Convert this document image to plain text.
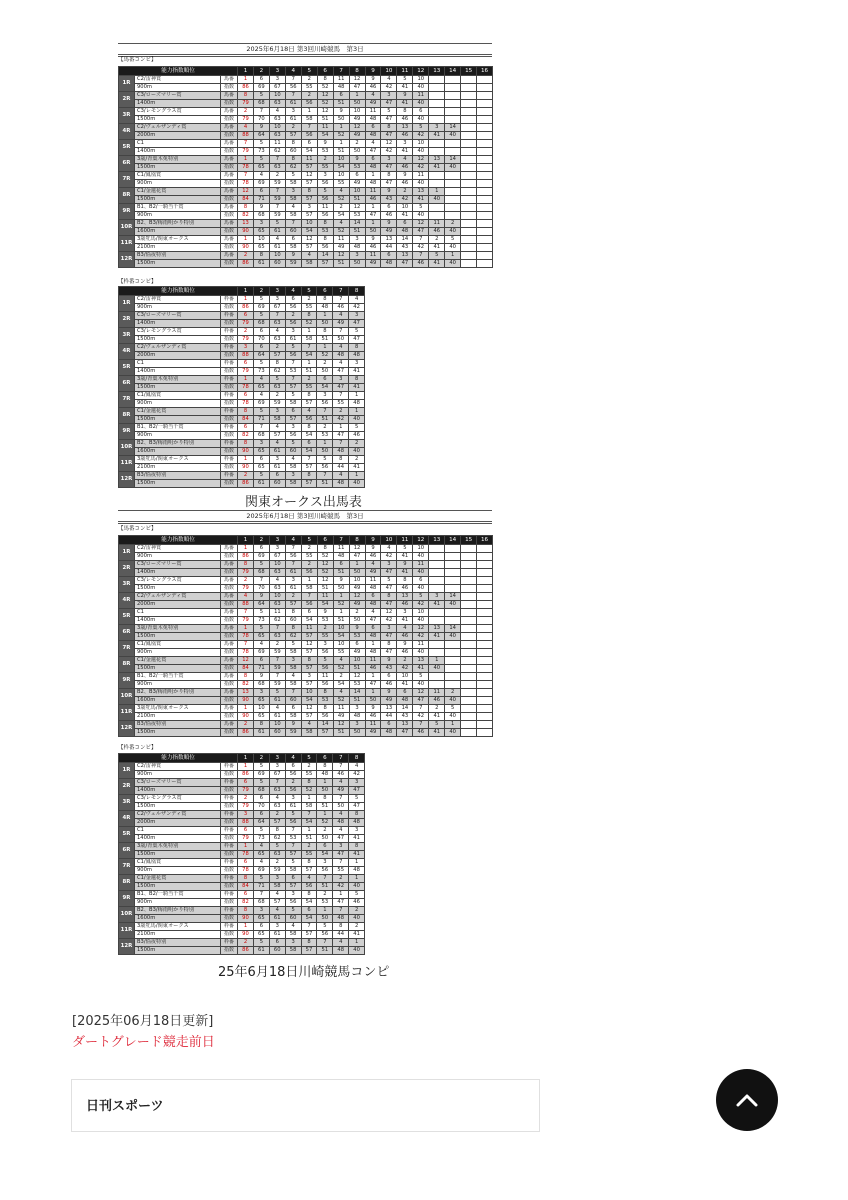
2025年6月18日 第3回川崎競馬　第3日
【馬番コンピ】
能力指数順位			1	2	3	4	5	6	7	8	9	10	11	12	13	14	15	16
1R	C2/雷神賞	馬番	1	6	3	7	2	8	11	12	9	4	5	10				
	900m	指数	86	69	67	56	55	52	48	47	46	42	41	40				
2R	C3/ローズマリー賞	馬番	8	5	10	7	2	12	6	1	4	3	9	11				
	1400m	指数	79	68	63	61	56	52	51	50	49	47	41	40				
3R	C3/レモングラス賞	馬番	2	7	4	3	1	12	9	10	11	5	8	6				
	1500m	指数	79	70	63	61	58	51	50	49	48	47	46	40				
4R	C2/ヴェルザンディ賞	馬番	4	9	10	2	7	11	1	12	6	8	13	5	3	14		
	2000m	指数	88	64	63	57	56	54	52	49	48	47	46	42	41	40		
5R	C1	馬番	7	5	11	8	6	9	1	2	4	12	3	10				
	1400m	指数	79	73	62	60	54	53	51	50	47	42	41	40				
6R	3歳/青葉木菟特別	馬番	1	5	7	8	11	2	10	9	6	3	4	12	13	14		
	1500m	指数	78	65	63	62	57	55	54	53	48	47	46	42	41	40		
7R	C1/鳳凰賞	馬番	7	4	2	5	12	3	10	6	1	8	9	11				
	900m	指数	78	69	59	58	57	56	55	49	48	47	46	40				
8R	C1/金蓮花賞	馬番	12	6	7	3	8	5	4	10	11	9	2	13	1			
	1500m	指数	84	71	59	58	57	56	52	51	46	43	42	41	40			
9R	B1、B2/一騎当千賞	馬番	8	9	7	4	3	11	2	12	1	6	10	5				
	900m	指数	82	68	59	58	57	56	54	53	47	46	41	40				
10R	B2、B3/梅雨明かり特別	馬番	13	3	5	7	10	8	4	14	1	9	6	12	11	2		
	1600m	指数	90	65	61	60	54	53	52	51	50	49	48	47	46	40		
11R	3歳牝馬/関東オークス	馬番	1	10	4	6	12	8	11	3	9	13	14	7	2	5		
	2100m	指数	90	65	61	58	57	56	49	48	46	44	43	42	41	40		
12R	B3/悩夜特別	馬番	2	8	10	9	4	14	12	3	11	6	13	7	5	1		
	1500m	指数	86	61	60	59	58	57	51	50	49	48	47	46	41	40		
【枠番コンピ】
能力指数順位			1	2	3	4	5	6	7	8
1R	C2/雷神賞	枠番	1	5	3	6	2	8	7	4
	900m	指数	86	69	67	56	55	48	46	42
2R	C3/ローズマリー賞	枠番	6	5	7	2	8	1	4	3
	1400m	指数	79	68	63	56	52	50	49	47
3R	C3/レモングラス賞	枠番	2	6	4	3	1	8	7	5
	1500m	指数	79	70	63	61	58	51	50	47
4R	C2/ヴェルザンディ賞	枠番	3	6	2	5	7	1	4	8
	2000m	指数	88	64	57	56	54	52	48	48
5R	C1	枠番	6	5	8	7	1	2	4	3
	1400m	指数	79	73	62	53	51	50	47	41
6R	3歳/青葉木菟特別	枠番	1	4	5	7	2	6	3	8
	1500m	指数	78	65	63	57	55	54	47	41
7R	C1/鳳凰賞	枠番	6	4	2	5	8	3	7	1
	900m	指数	78	69	59	58	57	56	55	48
8R	C1/金蓮花賞	枠番	8	5	3	6	4	7	2	1
	1500m	指数	84	71	58	57	56	51	42	40
9R	B1、B2/一騎当千賞	枠番	6	7	4	3	8	2	1	5
	900m	指数	82	68	57	56	54	53	47	46
10R	B2、B3/梅雨明かり特別	枠番	8	3	4	5	6	1	7	2
	1600m	指数	90	65	61	60	54	50	48	40
11R	3歳牝馬/関東オークス	枠番	1	6	3	4	7	5	8	2
	2100m	指数	90	65	61	58	57	56	44	41
12R	B3/悩夜特別	枠番	2	5	6	3	8	7	4	1
	1500m	指数	86	61	60	58	57	51	48	40
関東オークス出馬表
2025年6月18日 第3回川崎競馬　第3日
【馬番コンピ】
能力指数順位			1	2	3	4	5	6	7	8	9	10	11	12	13	14	15	16
1R	C2/雷神賞	馬番	1	6	3	7	2	8	11	12	9	4	5	10				
	900m	指数	86	69	67	56	55	52	48	47	46	42	41	40				
2R	C3/ローズマリー賞	馬番	8	5	10	7	2	12	6	1	4	3	9	11				
	1400m	指数	79	68	63	61	56	52	51	50	49	47	41	40				
3R	C3/レモングラス賞	馬番	2	7	4	3	1	12	9	10	11	5	8	6				
	1500m	指数	79	70	63	61	58	51	50	49	48	47	46	40				
4R	C2/ヴェルザンディ賞	馬番	4	9	10	2	7	11	1	12	6	8	13	5	3	14		
	2000m	指数	88	64	63	57	56	54	52	49	48	47	46	42	41	40		
5R	C1	馬番	7	5	11	8	6	9	1	2	4	12	3	10				
	1400m	指数	79	73	62	60	54	53	51	50	47	42	41	40				
6R	3歳/青葉木菟特別	馬番	1	5	7	8	11	2	10	9	6	3	4	12	13	14		
	1500m	指数	78	65	63	62	57	55	54	53	48	47	46	42	41	40		
7R	C1/鳳凰賞	馬番	7	4	2	5	12	3	10	6	1	8	9	11				
	900m	指数	78	69	59	58	57	56	55	49	48	47	46	40				
8R	C1/金蓮花賞	馬番	12	6	7	3	8	5	4	10	11	9	2	13	1			
	1500m	指数	84	71	59	58	57	56	52	51	46	43	42	41	40			
9R	B1、B2/一騎当千賞	馬番	8	9	7	4	3	11	2	12	1	6	10	5				
	900m	指数	82	68	59	58	57	56	54	53	47	46	41	40				
10R	B2、B3/梅雨明かり特別	馬番	13	3	5	7	10	8	4	14	1	9	6	12	11	2		
	1600m	指数	90	65	61	60	54	53	52	51	50	49	48	47	46	40		
11R	3歳牝馬/関東オークス	馬番	1	10	4	6	12	8	11	3	9	13	14	7	2	5		
	2100m	指数	90	65	61	58	57	56	49	48	46	44	43	42	41	40		
12R	B3/悩夜特別	馬番	2	8	10	9	4	14	12	3	11	6	13	7	5	1		
	1500m	指数	86	61	60	59	58	57	51	50	49	48	47	46	41	40		
【枠番コンピ】
能力指数順位			1	2	3	4	5	6	7	8
1R	C2/雷神賞	枠番	1	5	3	6	2	8	7	4
	900m	指数	86	69	67	56	55	48	46	42
2R	C3/ローズマリー賞	枠番	6	5	7	2	8	1	4	3
	1400m	指数	79	68	63	56	52	50	49	47
3R	C3/レモングラス賞	枠番	2	6	4	3	1	8	7	5
	1500m	指数	79	70	63	61	58	51	50	47
4R	C2/ヴェルザンディ賞	枠番	3	6	2	5	7	1	4	8
	2000m	指数	88	64	57	56	54	52	48	48
5R	C1	枠番	6	5	8	7	1	2	4	3
	1400m	指数	79	73	62	53	51	50	47	41
6R	3歳/青葉木菟特別	枠番	1	4	5	7	2	6	3	8
	1500m	指数	78	65	63	57	55	54	47	41
7R	C1/鳳凰賞	枠番	6	4	2	5	8	3	7	1
	900m	指数	78	69	59	58	57	56	55	48
8R	C1/金蓮花賞	枠番	8	5	3	6	4	7	2	1
	1500m	指数	84	71	58	57	56	51	42	40
9R	B1、B2/一騎当千賞	枠番	6	7	4	3	8	2	1	5
	900m	指数	82	68	57	56	54	53	47	46
10R	B2、B3/梅雨明かり特別	枠番	8	3	4	5	6	1	7	2
	1600m	指数	90	65	61	60	54	50	48	40
11R	3歳牝馬/関東オークス	枠番	1	6	3	4	7	5	8	2
	2100m	指数	90	65	61	58	57	56	44	41
12R	B3/悩夜特別	枠番	2	5	6	3	8	7	4	1
	1500m	指数	86	61	60	58	57	51	48	40
25年6月18日川崎競馬コンピ
[2025年06月18日更新]
ダートグレード競走前日
日刊スポーツ
